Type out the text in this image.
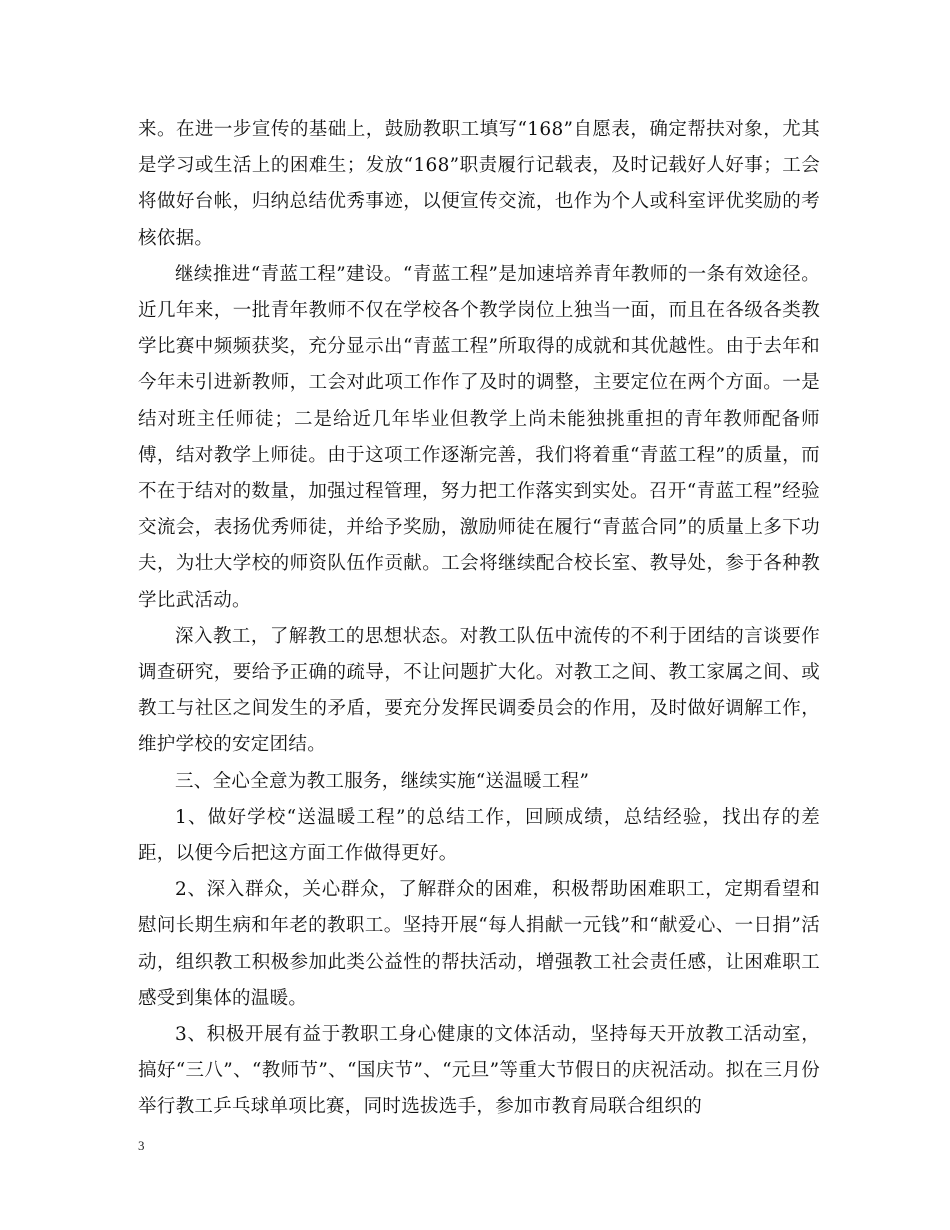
来。在进一步宣传的基础上，鼓励教职工填写“168”自愿表，确定帮扶对象，尤其是学习或生活上的困难生；发放“168”职责履行记载表，及时记载好人好事；工会将做好台帐，归纳总结优秀事迹，以便宣传交流，也作为个人或科室评优奖励的考核依据。

继续推进“青蓝工程”建设。“青蓝工程”是加速培养青年教师的一条有效途径。近几年来，一批青年教师不仅在学校各个教学岗位上独当一面，而且在各级各类教学比赛中频频获奖，充分显示出“青蓝工程”所取得的成就和其优越性。由于去年和今年未引进新教师，工会对此项工作作了及时的调整，主要定位在两个方面。一是结对班主任师徒；二是给近几年毕业但教学上尚未能独挑重担的青年教师配备师傅，结对教学上师徒。由于这项工作逐渐完善，我们将着重“青蓝工程”的质量，而不在于结对的数量，加强过程管理，努力把工作落实到实处。召开“青蓝工程”经验交流会，表扬优秀师徒，并给予奖励，激励师徒在履行“青蓝合同”的质量上多下功夫，为壮大学校的师资队伍作贡献。工会将继续配合校长室、教导处，参于各种教学比武活动。

深入教工，了解教工的思想状态。对教工队伍中流传的不利于团结的言谈要作调查研究，要给予正确的疏导，不让问题扩大化。对教工之间、教工家属之间、或教工与社区之间发生的矛盾，要充分发挥民调委员会的作用，及时做好调解工作，维护学校的安定团结。

三、全心全意为教工服务，继续实施“送温暖工程”

1、做好学校“送温暖工程”的总结工作，回顾成绩，总结经验，找出存的差距，以便今后把这方面工作做得更好。

2、深入群众，关心群众，了解群众的困难，积极帮助困难职工，定期看望和慰问长期生病和年老的教职工。坚持开展“每人捐献一元钱”和“献爱心、一日捐”活动，组织教工积极参加此类公益性的帮扶活动，增强教工社会责任感，让困难职工感受到集体的温暖。

3、积极开展有益于教职工身心健康的文体活动，坚持每天开放教工活动室，搞好“三八”、“教师节”、“国庆节”、“元旦”等重大节假日的庆祝活动。拟在三月份举行教工乒乓球单项比赛，同时选拔选手，参加市教育局联合组织的

3
